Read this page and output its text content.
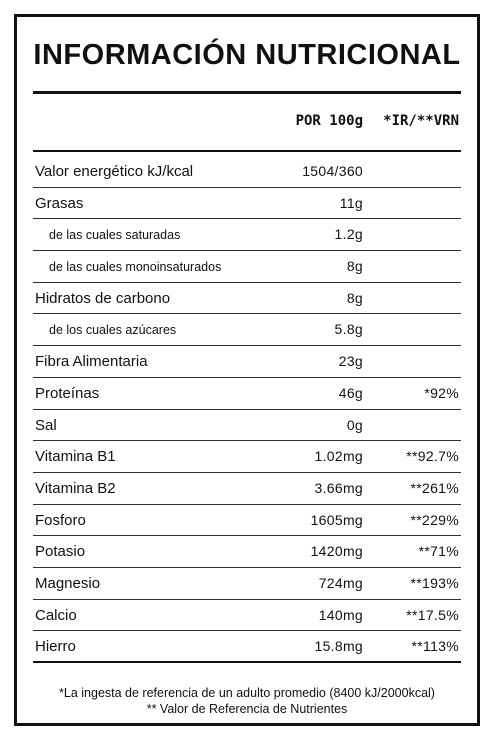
INFORMACIÓN NUTRICIONAL
POR 100g *IR/**VRN
Valor energético kJ/kcal	1504/360
Grasas	11g
de las cuales saturadas	1.2g
de las cuales monoinsaturados	8g
Hidratos de carbono	8g
de los cuales azúcares	5.8g
Fibra Alimentaria	23g
Proteínas	46g	*92%
Sal	0g
Vitamina B1	1.02mg	**92.7%
Vitamina B2	3.66mg	**261%
Fosforo	1605mg	**229%
Potasio	1420mg	**71%
Magnesio	724mg	**193%
Calcio	140mg	**17.5%
Hierro	15.8mg	**113%
*La ingesta de referencia de un adulto promedio (8400 kJ/2000kcal)
** Valor de Referencia de Nutrientes
